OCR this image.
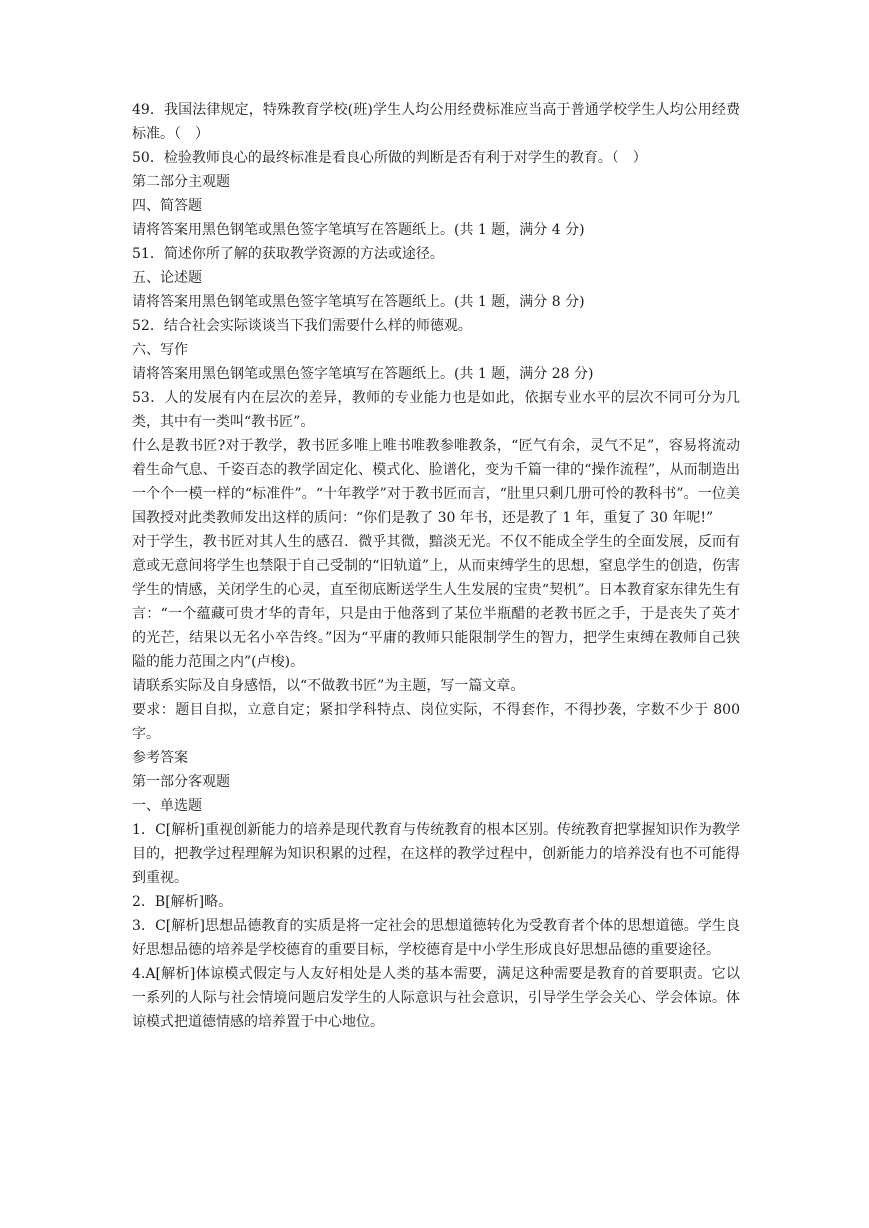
49．我国法律规定，特殊教育学校(班)学生人均公用经费标准应当高于普通学校学生人均公用经费标准。（　）

50．检验教师良心的最终标准是看良心所做的判断是否有利于对学生的教育。（　）

第二部分主观题

四、简答题

请将答案用黑色钢笔或黑色签字笔填写在答题纸上。(共 1 题，满分 4 分)

51．简述你所了解的获取教学资源的方法或途径。

五、论述题

请将答案用黑色钢笔或黑色签字笔填写在答题纸上。(共 1 题，满分 8 分)

52．结合社会实际谈谈当下我们需要什么样的师德观。

六、写作

请将答案用黑色钢笔或黑色签字笔填写在答题纸上。(共 1 题，满分 28 分)

53．人的发展有内在层次的差异，教师的专业能力也是如此，依据专业水平的层次不同可分为几类，其中有一类叫“教书匠”。

什么是教书匠?对于教学，教书匠多唯上唯书唯教参唯教条，“匠气有余，灵气不足”，容易将流动着生命气息、千姿百态的教学固定化、模式化、脸谱化，变为千篇一律的“操作流程”，从而制造出一个个一模一样的“标准件”。“十年教学”对于教书匠而言，“肚里只剩几册可怜的教科书”。一位美国教授对此类教师发出这样的质问：“你们是教了 30 年书，还是教了 1 年，重复了 30 年呢!”

对于学生，教书匠对其人生的感召．微乎其微，黯淡无光。不仅不能成全学生的全面发展，反而有意或无意间将学生也禁限于自己受制的“旧轨道”上，从而束缚学生的思想，窒息学生的创造，伤害学生的情感，关闭学生的心灵，直至彻底断送学生人生发展的宝贵“契机”。日本教育家东律先生有言：“一个蕴藏可贵才华的青年，只是由于他落到了某位半瓶醋的老教书匠之手，于是丧失了英才的光芒，结果以无名小卒告终。”因为“平庸的教师只能限制学生的智力，把学生束缚在教师自己狭隘的能力范围之内”(卢梭)。

请联系实际及自身感悟，以“不做教书匠”为主题，写一篇文章。

要求：题目自拟，立意自定；紧扣学科特点、岗位实际，不得套作，不得抄袭，字数不少于 800 字。

参考答案

第一部分客观题

一、单选题

1．C[解析]重视创新能力的培养是现代教育与传统教育的根本区别。传统教育把掌握知识作为教学目的，把教学过程理解为知识积累的过程，在这样的教学过程中，创新能力的培养没有也不可能得到重视。

2．B[解析]略。

3．C[解析]思想品德教育的实质是将一定社会的思想道德转化为受教育者个体的思想道德。学生良好思想品德的培养是学校德育的重要目标，学校德育是中小学生形成良好思想品德的重要途径。

4.A[解析]体谅模式假定与人友好相处是人类的基本需要，满足这种需要是教育的首要职责。它以一系列的人际与社会情境问题启发学生的人际意识与社会意识，引导学生学会关心、学会体谅。体谅模式把道德情感的培养置于中心地位。
